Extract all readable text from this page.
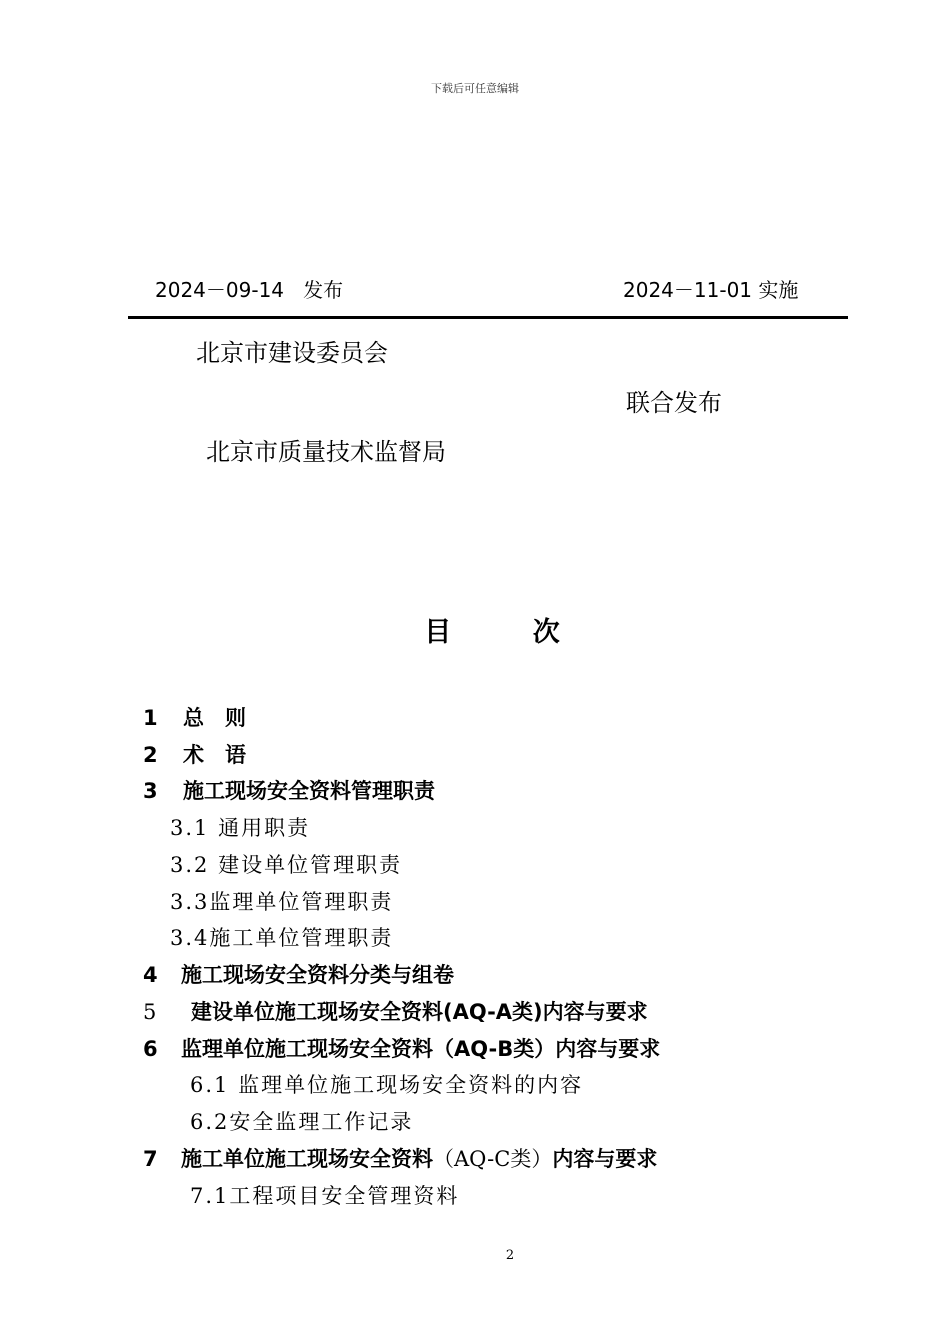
下载后可任意编辑
2024－09-14 发布	2024－11-01 实施
北京市建设委员会
联合发布
北京市质量技术监督局
目 次
1 总　则
2 术　语
3 施工现场安全资料管理职责
3.1 通用职责
3.2 建设单位管理职责
3.3监理单位管理职责
3.4施工单位管理职责
4 施工现场安全资料分类与组卷
5 建设单位施工现场安全资料(AQ-A类)内容与要求
6 监理单位施工现场安全资料（AQ-B类）内容与要求
6.1 监理单位施工现场安全资料的内容
6.2安全监理工作记录
7 施工单位施工现场安全资料（AQ-C类）内容与要求
7.1工程项目安全管理资料
2
